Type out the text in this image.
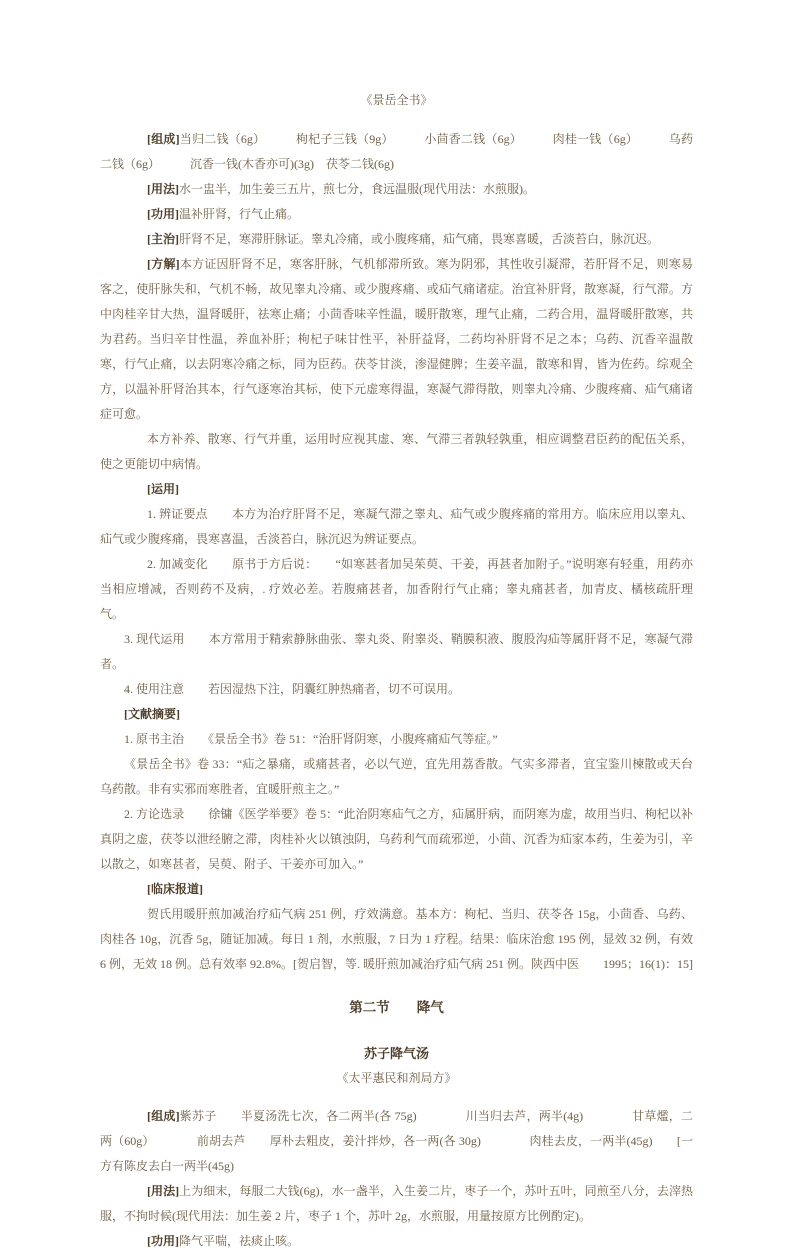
《景岳全书》

[组成]当归二钱（6g）　　　枸杞子三钱（9g）　　　小茴香二钱（6g）　　　肉桂一钱（6g）　　　乌药二钱（6g）　　　沉香一钱(木香亦可)(3g)　茯苓二钱(6g)

[用法]水一盅半，加生姜三五片，煎七分，食远温服(现代用法：水煎服)。

[功用]温补肝肾，行气止痛。

[主治]肝肾不足，寒滞肝脉证。睾丸冷痛，或小腹疼痛，疝气痛，畏寒喜暖，舌淡苔白，脉沉迟。

[方解]本方证因肝肾不足，寒客肝脉，气机郁滞所致。寒为阴邪，其性收引凝滞，若肝肾不足，则寒易客之，使肝脉失和，气机不畅，故见睾丸冷痛、或少腹疼痛、或疝气痛诸症。治宜补肝肾，散寒凝，行气滞。方中肉桂辛甘大热，温肾暖肝，祛寒止痛；小茴香味辛性温，暖肝散寒，理气止痛，二药合用，温肾暖肝散寒，共为君药。当归辛甘性温，养血补肝；枸杞子味甘性平，补肝益肾，二药均补肝肾不足之本；乌药、沉香辛温散寒，行气止痛，以去阴寒冷痛之标，同为臣药。茯苓甘淡，渗湿健脾；生姜辛温，散寒和胃，皆为佐药。综观全方，以温补肝肾治其本，行气逐寒治其标，使下元虚寒得温，寒凝气滞得散，则睾丸冷痛、少腹疼痛、疝气痛诸症可愈。

本方补养、散寒、行气并重，运用时应视其虚、寒、气滞三者孰轻孰重，相应调整君臣药的配伍关系，使之更能切中病情。

[运用]

1. 辨证要点　　本方为治疗肝肾不足，寒凝气滞之睾丸、疝气或少腹疼痛的常用方。临床应用以睾丸、疝气或少腹疼痛，畏寒喜温，舌淡苔白，脉沉迟为辨证要点。

2. 加减变化　　原书于方后说：　　“如寒甚者加吴茱萸、干姜，再甚者加附子。”说明寒有轻重，用药亦当相应增减，否则药不及病，. 疗效必差。若腹痛甚者，加香附行气止痛；睾丸痛甚者，加青皮、橘核疏肝理气。

3. 现代运用　　本方常用于精索静脉曲张、睾丸炎、附睾炎、鞘膜积液、腹股沟疝等属肝肾不足，寒凝气滞者。

4. 使用注意　　若因湿热下注，阴囊红肿热痛者，切不可误用。

[文献摘要]

1. 原书主治　　《景岳全书》卷 51：“治肝肾阴寒，小腹疼痛疝气等症。”

《景岳全书》卷 33：“疝之暴痛，或痛甚者，必以气逆，宜先用荔香散。气实多滞者，宜宝鉴川楝散或天台乌药散。非有实邪而寒胜者，宜暖肝煎主之。”

2. 方论选录　　徐镛《医学举要》卷 5：“此治阴寒疝气之方，疝属肝病，而阴寒为虚，故用当归、枸杞以补真阴之虚，茯苓以泄经腑之滞，肉桂补火以镇浊阴，乌药利气而疏邪逆，小茴、沉香为疝家本药，生姜为引，辛以散之，如寒甚者，吴萸、附子、干姜亦可加入。”

[临床报道]

贺氏用暖肝煎加减治疗疝气病 251 例，疗效满意。基本方：枸杞、当归、茯苓各 15g，小茴香、乌药、肉桂各 10g，沉香 5g，随证加减。每日 1 剂，水煎服，7 日为 1 疗程。结果：临床治愈 195 例，显效 32 例，有效 6 例，无效 18 例。总有效率 92.8%。[贺启智，等. 暖肝煎加减治疗疝气病 251 例。陕西中医　　1995；16(1)：15]

第二节　　降气

苏子降气汤

《太平惠民和剂局方》

[组成]紫苏子　　半夏汤洗七次，各二两半(各 75g)　　　　川当归去芦，两半(4g)　　　　甘草爁，二两（60g）　　　　前胡去芦　　厚朴去粗皮，姜汁拌炒，各一两(各 30g)　　　　肉桂去皮，一两半(45g)　　[一方有陈皮去白一两半(45g)

[用法]上为细末，每服二大钱(6g)，水一盏半，入生姜二片，枣子一个，苏叶五叶，同煎至八分，去滓热服，不拘时候(现代用法：加生姜 2 片，枣子 1 个，苏叶 2g，水煎服，用量按原方比例酌定)。

[功用]降气平喘，祛痰止咳。
